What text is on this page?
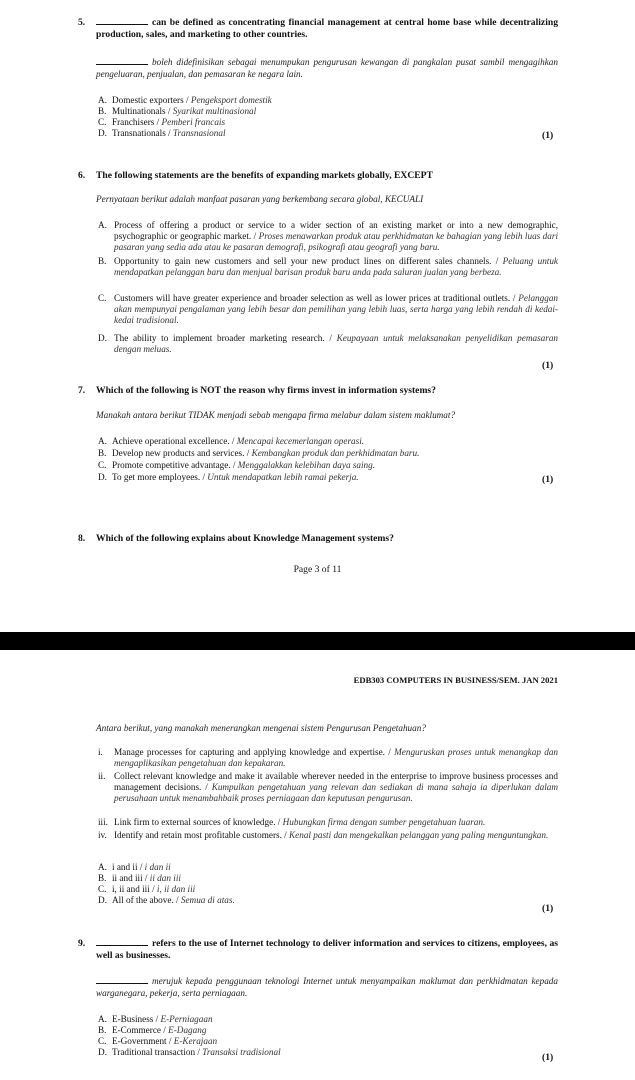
5.	can be defined as concentrating financial management at central home base while decentralizing production, sales, and marketing to other countries.
boleh didefinisikan sebagai menumpukan pengurusan kewangan di pangkalan pusat sambil mengagihkan pengeluaran, penjualan, dan pemasaran ke negara lain.
A. Domestic exporters / Pengeksport domestik
B. Multinationals / Syarikat multinasional
C. Franchisers / Pemberi francais
D. Transnationals / Transnasional	(1)
6. The following statements are the benefits of expanding markets globally, EXCEPT
Pernyataan berikut adalah manfaat pasaran yang berkembang secara global, KECUALI
A. Process of offering a product or service to a wider section of an existing market or into a new demographic, psychographic or geographic market. / Proses menawarkan produk atau perkhidmatan ke bahagian yang lebih luas dari pasaran yang sedia ada atau ke pasaran demografi, psikografi atau geografi yang baru.
B. Opportunity to gain new customers and sell your new product lines on different sales channels. / Peluang untuk mendapatkan pelanggan baru dan menjual barisan produk baru anda pada saluran jualan yang berbeza.
C. Customers will have greater experience and broader selection as well as lower prices at traditional outlets. / Pelanggan akan mempunyai pengalaman yang lebih besar dan pemilihan yang lebih luas, serta harga yang lebih rendah di kedai-kedai tradisional.
D. The ability to implement broader marketing research. / Keupayaan untuk melaksanakan penyelidikan pemasaran dengan meluas.
(1)
7. Which of the following is NOT the reason why firms invest in information systems?
Manakah antara berikut TIDAK menjadi sebab mengapa firma melabur dalam sistem maklumat?
A. Achieve operational excellence. / Mencapai kecemerlangan operasi.
B. Develop new products and services. / Kembangkan produk dan perkhidmatan baru.
C. Promote competitive advantage. / Menggalakkan kelebihan daya saing.
D. To get more employees. / Untuk mendapatkan lebih ramai pekerja.	(1)
8. Which of the following explains about Knowledge Management systems?
Page 3 of 11
EDB303 COMPUTERS IN BUSINESS/SEM. JAN 2021
Antara berikut, yang manakah menerangkan mengenai sistem Pengurusan Pengetahuan?
i. Manage processes for capturing and applying knowledge and expertise. / Menguruskan proses untuk menangkap dan mengaplikasikan pengetahuan dan kepakaran.
ii. Collect relevant knowledge and make it available wherever needed in the enterprise to improve business processes and management decisions. / Kumpulkan pengetahuan yang relevan dan sediakan di mana sahaja ia diperlukan dalam perusahaan untuk menambahbaik proses perniagaan dan keputusan pengurusan.
iii. Link firm to external sources of knowledge. / Hubungkan firma dengan sumber pengetahuan luaran.
iv. Identify and retain most profitable customers. / Kenal pasti dan mengekalkan pelanggan yang paling menguntungkan.
A. i and ii / i dan ii
B. ii and iii / ii dan iii
C. i, ii and iii / i, ii dan iii
D. All of the above. / Semua di atas.
(1)
9.	refers to the use of Internet technology to deliver information and services to citizens, employees, as well as businesses.
merujuk kepada penggunaan teknologi Internet untuk menyampaikan maklumat dan perkhidmatan kepada warganegara, pekerja, serta perniagaan.
A. E-Business / E-Perniagaan
B. E-Commerce / E-Dagang
C. E-Government / E-Kerajaan
D. Traditional transaction / Transaksi tradisional	(1)
